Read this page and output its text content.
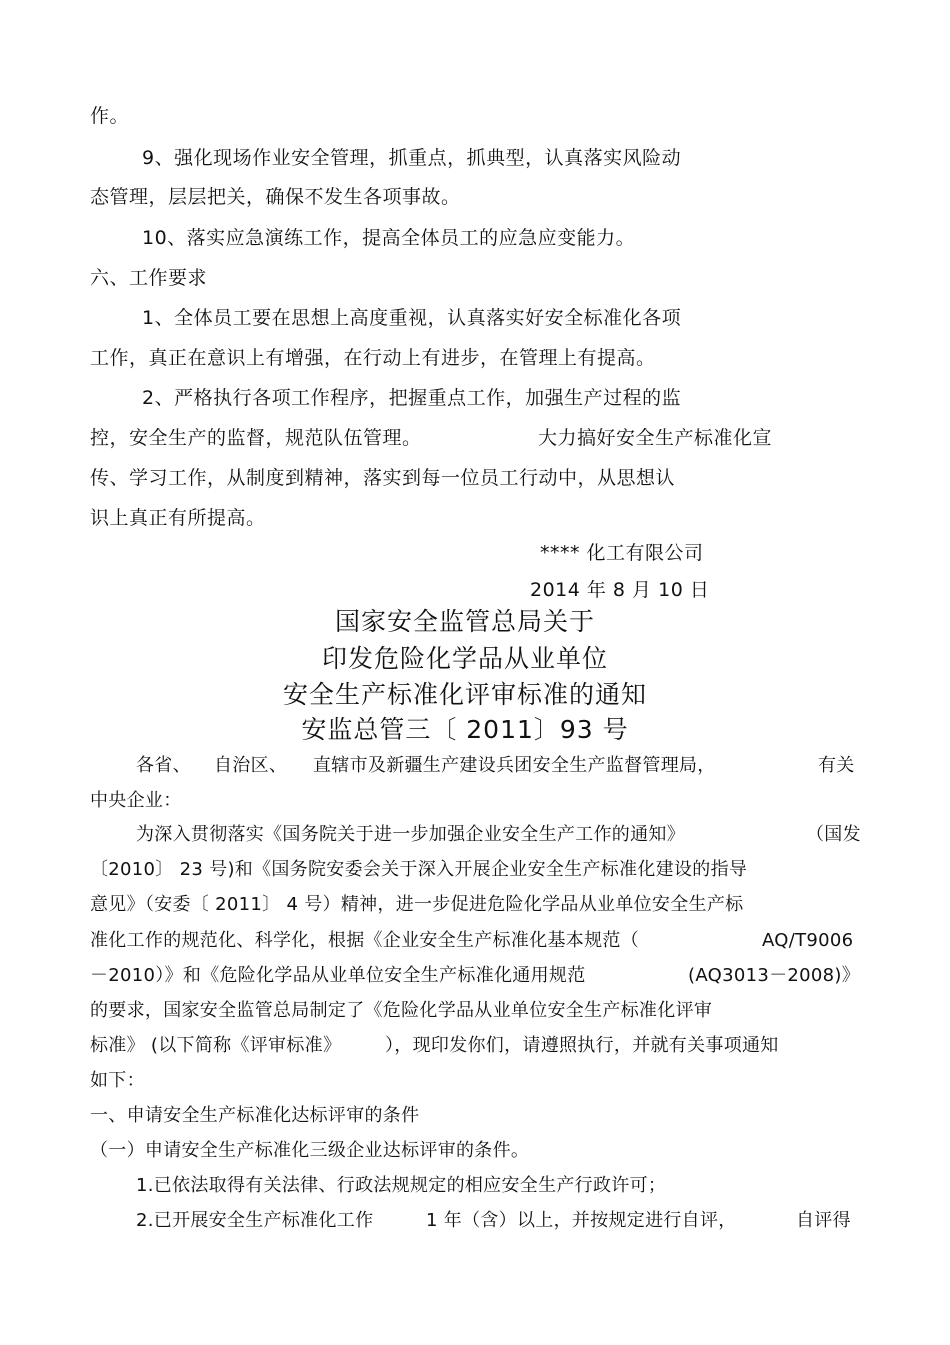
作。
9、强化现场作业安全管理，抓重点，抓典型，认真落实风险动
态管理，层层把关，确保不发生各项事故。
10、落实应急演练工作，提高全体员工的应急应变能力。
六、工作要求
1、全体员工要在思想上高度重视，认真落实好安全标准化各项
工作，真正在意识上有增强，在行动上有进步，在管理上有提高。
2、严格执行各项工作程序，把握重点工作，加强生产过程的监
控，安全生产的监督，规范队伍管理。	大力搞好安全生产标准化宣
传、学习工作，从制度到精神，落实到每一位员工行动中，从思想认
识上真正有所提高。
**** 化工有限公司
2014 年 8 月 10 日
国家安全监管总局关于
印发危险化学品从业单位
安全生产标准化评审标准的通知
安监总管三〔 2011〕93 号
各省、 自治区、 直辖市及新疆生产建设兵团安全生产监督管理局，	有关
中央企业：
为深入贯彻落实《国务院关于进一步加强企业安全生产工作的通知》	（国发
〔2010〕 23 号)和《国务院安委会关于深入开展企业安全生产标准化建设的指导
意见》（安委〔 2011〕 4 号）精神，进一步促进危险化学品从业单位安全生产标
准化工作的规范化、科学化，根据《企业安全生产标准化基本规范（	AQ/T9006
－2010）》和《危险化学品从业单位安全生产标准化通用规范	(AQ3013－2008)》
的要求，国家安全监管总局制定了《危险化学品从业单位安全生产标准化评审
标准》 (以下简称《评审标准》 ），现印发你们，请遵照执行，并就有关事项通知
如下：
一、申请安全生产标准化达标评审的条件
（一）申请安全生产标准化三级企业达标评审的条件。
1.已依法取得有关法律、行政法规规定的相应安全生产行政许可；
2.已开展安全生产标准化工作	1 年（含）以上，并按规定进行自评，	自评得
